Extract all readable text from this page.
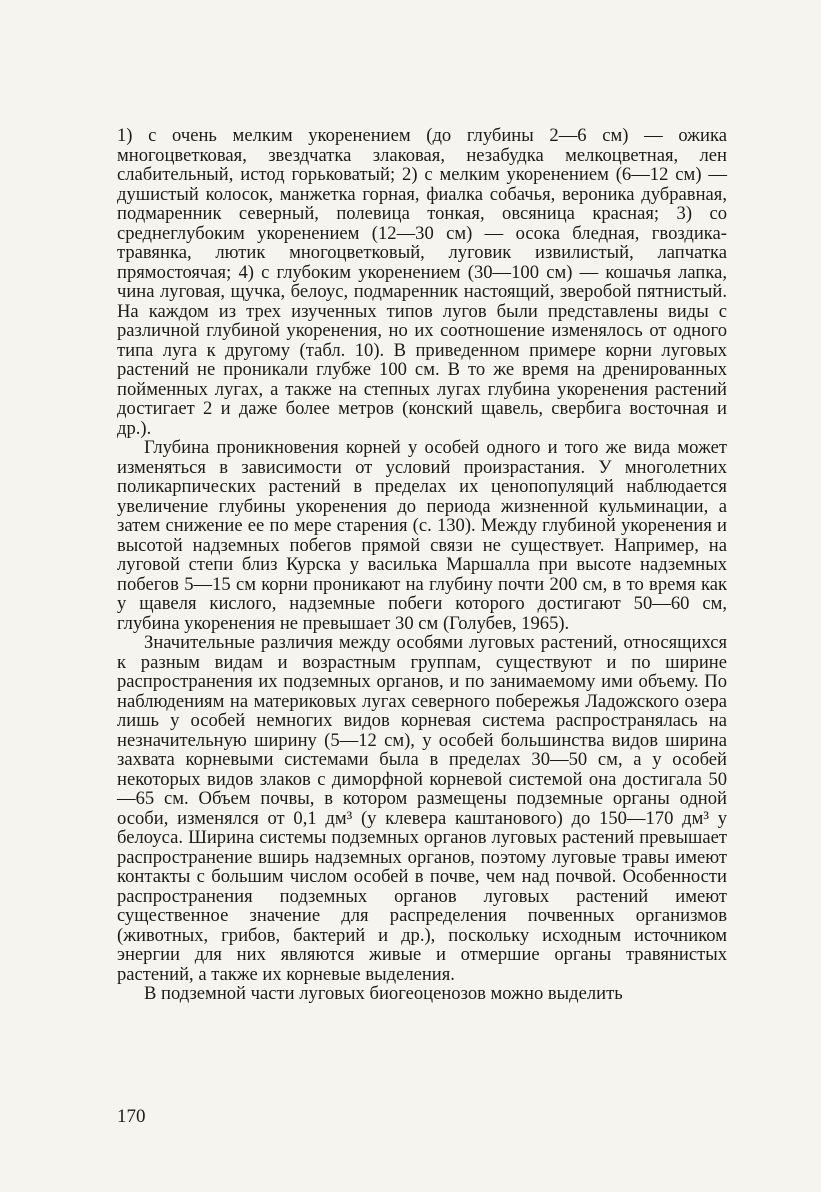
1) с очень мелким укоренением (до глубины 2—6 см) — ожика многоцветковая, звездчатка злаковая, незабудка мелкоцветная, лен слабительный, истод горьковатый; 2) с мелким укоренением (6—12 см) — душистый колосок, манжетка горная, фиалка собачья, вероника дубравная, подмаренник северный, полевица тонкая, овсяница красная; 3) со среднеглубоким укоренением (12—30 см) — осока бледная, гвоздика-травянка, лютик многоцветковый, луговик извилистый, лапчатка прямостоячая; 4) с глубоким укоренением (30—100 см) — кошачья лапка, чина луговая, щучка, белоус, подмаренник настоящий, зверобой пятнистый. На каждом из трех изученных типов лугов были представлены виды с различной глубиной укоренения, но их соотношение изменялось от одного типа луга к другому (табл. 10). В приведенном примере корни луговых растений не проникали глубже 100 см. В то же время на дренированных пойменных лугах, а также на степных лугах глубина укоренения растений достигает 2 и даже более метров (конский щавель, свербига восточная и др.).

Глубина проникновения корней у особей одного и того же вида может изменяться в зависимости от условий произрастания. У многолетних поликарпических растений в пределах их ценопопуляций наблюдается увеличение глубины укоренения до периода жизненной кульминации, а затем снижение ее по мере старения (с. 130). Между глубиной укоренения и высотой надземных побегов прямой связи не существует. Например, на луговой степи близ Курска у василька Маршалла при высоте надземных побегов 5—15 см корни проникают на глубину почти 200 см, в то время как у щавеля кислого, надземные побеги которого достигают 50—60 см, глубина укоренения не превышает 30 см (Голубев, 1965).

Значительные различия между особями луговых растений, относящихся к разным видам и возрастным группам, существуют и по ширине распространения их подземных органов, и по занимаемому ими объему. По наблюдениям на материковых лугах северного побережья Ладожского озера лишь у особей немногих видов корневая система распространялась на незначительную ширину (5—12 см), у особей большинства видов ширина захвата корневыми системами была в пределах 30—50 см, а у особей некоторых видов злаков с диморфной корневой системой она достигала 50—65 см. Объем почвы, в котором размещены подземные органы одной особи, изменялся от 0,1 дм³ (у клевера каштанового) до 150—170 дм³ у белоуса. Ширина системы подземных органов луговых растений превышает распространение вширь надземных органов, поэтому луговые травы имеют контакты с большим числом особей в почве, чем над почвой. Особенности распространения подземных органов луговых растений имеют существенное значение для распределения почвенных организмов (животных, грибов, бактерий и др.), поскольку исходным источником энергии для них являются живые и отмершие органы травянистых растений, а также их корневые выделения.

В подземной части луговых биогеоценозов можно выделить

170
